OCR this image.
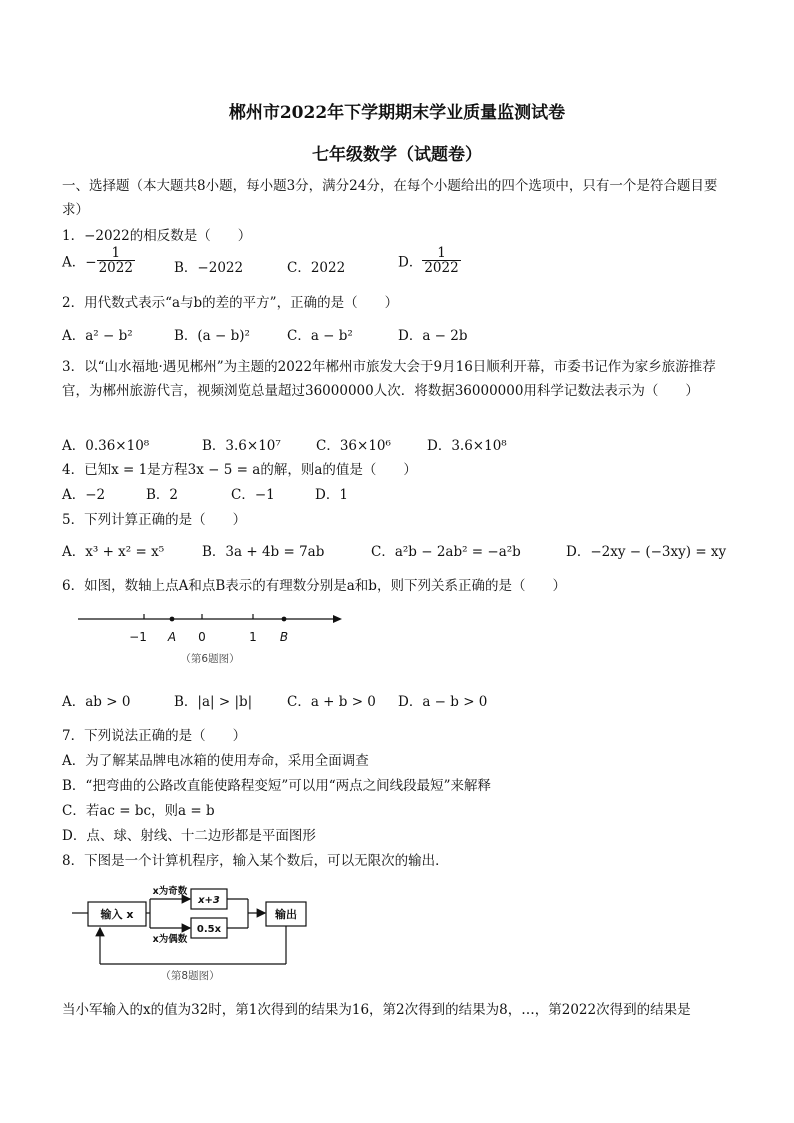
郴州市2022年下学期期末学业质量监测试卷
七年级数学（试题卷）
一、选择题（本大题共8小题，每小题3分，满分24分，在每个小题给出的四个选项中，只有一个是符合题目要求）
1．−2022的相反数是（　　）
A．− $\frac{1}{2022}$	B．−2022	C．2022	D． $\frac{1}{2022}$
2．用代数式表示“a与b的差的平方”，正确的是（　　）
A．a² − b²	B．(a − b)²	C．a − b²	D．a − 2b
3．以“山水福地·遇见郴州”为主题的2022年郴州市旅发大会于9月16日顺利开幕，市委书记作为家乡旅游推荐官，为郴州旅游代言，视频浏览总量超过36000000人次．将数据36000000用科学记数法表示为（　　）
A．0.36×10⁸	B．3.6×10⁷	C．36×10⁶	D．3.6×10⁸
4．已知x = 1是方程3x − 5 = a的解，则a的值是（　　）
A．−2	B．2	C．−1	D．1
5．下列计算正确的是（　　）
A．x³ + x² = x⁵	B．3a + 4b = 7ab	C．a²b − 2ab² = −a²b	D．−2xy − (−3xy) = xy
6．如图，数轴上点A和点B表示的有理数分别是a和b，则下列关系正确的是（　　）
−1 A 0	1 B
（第6题图）
A．ab > 0	B．|a| > |b|	C．a + b > 0 D．a − b > 0
7．下列说法正确的是（　　）
A．为了解某品牌电冰箱的使用寿命，采用全面调查
B．“把弯曲的公路改直能使路程变短”可以用“两点之间线段最短”来解释
C．若ac = bc，则a = b
D．点、球、射线、十二边形都是平面图形
8．下图是一个计算机程序，输入某个数后，可以无限次的输出．
输入 x
x为奇数
x为偶数
x+3
0.5x
输出
（第8题图）
当小军输入的x的值为32时，第1次得到的结果为16，第2次得到的结果为8，…，第2022次得到的结果是
